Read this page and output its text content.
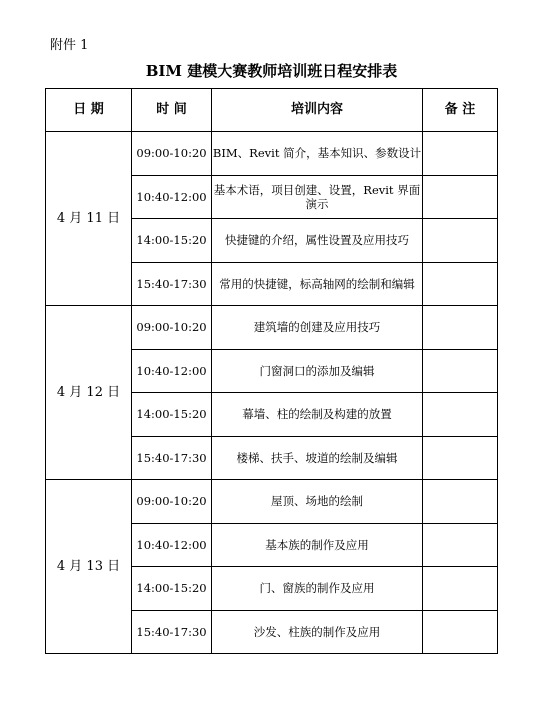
附件 1
BIM 建模大赛教师培训班日程安排表
日 期	时 间	培训内容	备 注
4 月 11 日	09:00-10:20	BIM、Revit 简介，基本知识、参数设计	
	10:40-12:00	基本术语，项目创建、设置，Revit 界面演示	
	14:00-15:20	快捷键的介绍，属性设置及应用技巧	
	15:40-17:30	常用的快捷键，标高轴网的绘制和编辑	
4 月 12 日	09:00-10:20	建筑墙的创建及应用技巧	
	10:40-12:00	门窗洞口的添加及编辑	
	14:00-15:20	幕墙、柱的绘制及构建的放置	
	15:40-17:30	楼梯、扶手、坡道的绘制及编辑	
4 月 13 日	09:00-10:20	屋顶、场地的绘制	
	10:40-12:00	基本族的制作及应用	
	14:00-15:20	门、窗族的制作及应用	
	15:40-17:30	沙发、柱族的制作及应用	
